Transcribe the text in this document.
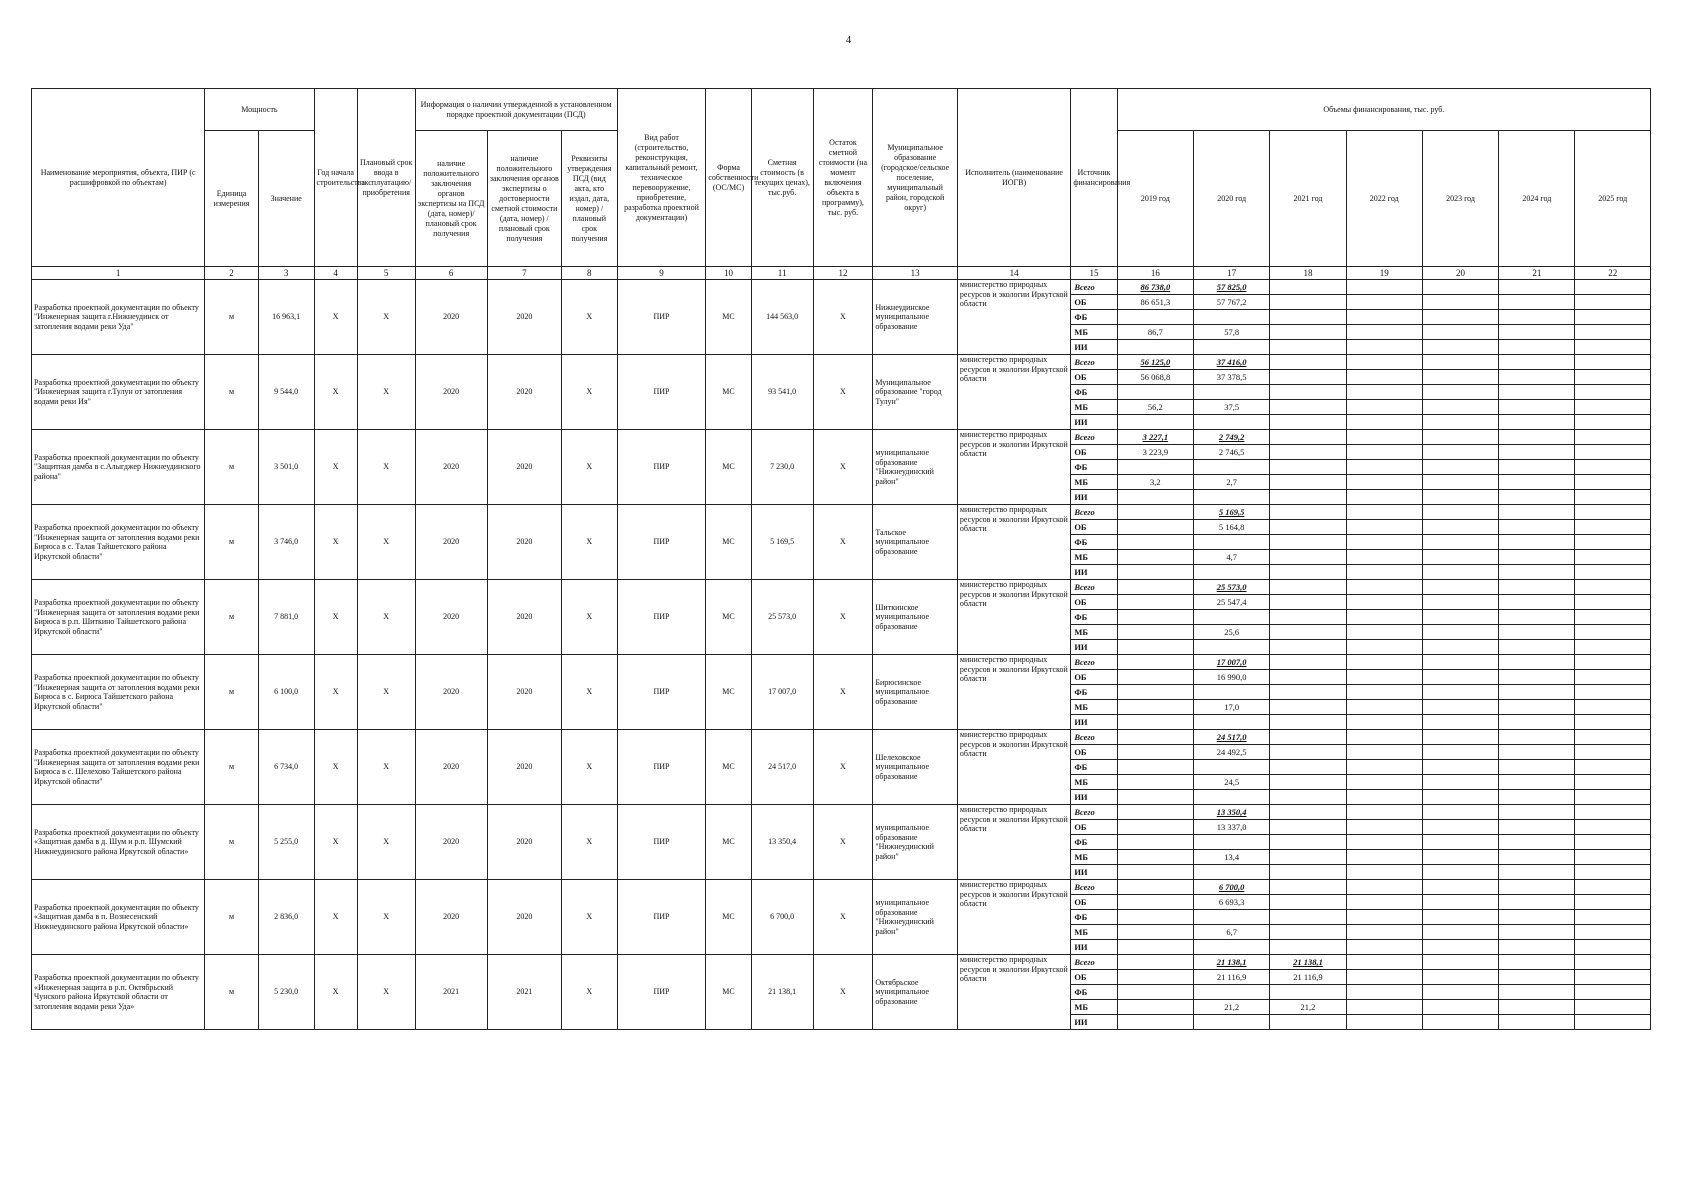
4
Наименование мероприятия, объекта, ПИР (с расшифровкой по объектам)	Мощность		Год начала строительства	Плановый срок ввода в эксплуатацию/приобретения	Информация о наличии утвержденной в установленном порядке проектной документации (ПСД)			Вид работ (строительство, реконструкция, капитальный ремонт, техническое перевооружение, приобретение, разработка проектной документации)	Форма собственности (ОС/МС)	Сметная стоимость (в текущих ценах), тыс.руб.	Остаток сметной стоимости (на момент включения объекта в программу), тыс. руб.	Муниципальное образование (городское/сельское поселение, муниципальный район, городской округ)	Исполнитель (наименование ИОГВ)	Источник финансирования	Объемы финансирования, тыс. руб.						
	Единица измерения	Значение			наличие положительного заключения органов экспертизы на ПСД (дата, номер)/плановый срок получения	наличие положительного заключения органов экспертизы о достоверности сметной стоимости (дата, номер) / плановый срок получения	Реквизиты утверждения ПСД (вид акта, кто издал, дата, номер) / плановый срок получения								2019 год	2020 год	2021 год	2022 год	2023 год	2024 год	2025 год
1	2	3	4	5	6	7	8	9	10	11	12	13	14	15	16	17	18	19	20	21	22
Разработка проектной документации по объекту "Инженерная защита г.Нижнеудинск от затопления водами реки Уда"	м	16 963,1	Х	Х	2020	2020	Х	ПИР	МС	144 563,0	Х	Нижнеудинское муниципальное образование	министерство природных ресурсов и экологии Иркутской области	Всего	86 738,0	57 825,0					
														ОБ	86 651,3	57 767,2					
														ФБ							
														МБ	86,7	57,8					
														ИИ							
Разработка проектной документации по объекту "Инженерная защита г.Тулун от затопления водами реки Ия"	м	9 544,0	Х	Х	2020	2020	Х	ПИР	МС	93 541,0	Х	Муниципальное образование "город Тулун"	министерство природных ресурсов и экологии Иркутской области	Всего	56 125,0	37 416,0					
														ОБ	56 068,8	37 378,5					
														ФБ							
														МБ	56,2	37,5					
														ИИ							
Разработка проектной документации по объекту "Защитная дамба в с.Алыгджер Нижнеудинского района"	м	3 501,0	Х	Х	2020	2020	Х	ПИР	МС	7 230,0	Х	муниципальное образование "Нижнеудинский район"	министерство природных ресурсов и экологии Иркутской области	Всего	3 227,1	2 749,2					
														ОБ	3 223,9	2 746,5					
														ФБ							
														МБ	3,2	2,7					
														ИИ							
Разработка проектной документации по объекту "Инженерная защита от затопления водами реки Бирюса в с. Талая Тайшетского района Иркутской области"	м	3 746,0	Х	Х	2020	2020	Х	ПИР	МС	5 169,5	Х	Тальское муниципальное образование	министерство природных ресурсов и экологии Иркутской области	Всего		5 169,5					
														ОБ		5 164,8					
														ФБ							
														МБ		4,7					
														ИИ							
Разработка проектной документации по объекту "Инженерная защита от затопления водами реки Бирюса в р.п. Шиткино Тайшетского района Иркутской области"	м	7 881,0	Х	Х	2020	2020	Х	ПИР	МС	25 573,0	Х	Шиткинское муниципальное образование	министерство природных ресурсов и экологии Иркутской области	Всего		25 573,0					
														ОБ		25 547,4					
														ФБ							
														МБ		25,6					
														ИИ							
Разработка проектной документации по объекту "Инженерная защита от затопления водами реки Бирюса в с. Бирюса Тайшетского района Иркутской области"	м	6 100,0	Х	Х	2020	2020	Х	ПИР	МС	17 007,0	Х	Бирюсинское муниципальное образование	министерство природных ресурсов и экологии Иркутской области	Всего		17 007,0					
														ОБ		16 990,0					
														ФБ							
														МБ		17,0					
														ИИ							
Разработка проектной документации по объекту "Инженерная защита от затопления водами реки Бирюса в с. Шелехово Тайшетского района Иркутской области"	м	6 734,0	Х	Х	2020	2020	Х	ПИР	МС	24 517,0	Х	Шелеховское муниципальное образование	министерство природных ресурсов и экологии Иркутской области	Всего		24 517,0					
														ОБ		24 492,5					
														ФБ							
														МБ		24,5					
														ИИ							
Разработка проектной документации по объекту «Защитная дамба в д. Шум и р.п. Шумский Нижнеудинского района Иркутской области»	м	5 255,0	Х	Х	2020	2020	Х	ПИР	МС	13 350,4	Х	муниципальное образование "Нижнеудинский район"	министерство природных ресурсов и экологии Иркутской области	Всего		13 350,4					
														ОБ		13 337,0					
														ФБ							
														МБ		13,4					
														ИИ							
Разработка проектной документации по объекту «Защитная дамба в п. Вознесенский Нижнеудинского района Иркутской области»	м	2 836,0	Х	Х	2020	2020	Х	ПИР	МС	6 700,0	Х	муниципальное образование "Нижнеудинский район"	министерство природных ресурсов и экологии Иркутской области	Всего		6 700,0					
														ОБ		6 693,3					
														ФБ							
														МБ		6,7					
														ИИ							
Разработка проектной документации по объекту «Инженерная защита в р.п. Октябрьский Чунского района Иркутской области от затопления водами реки Уда»	м	5 230,0	Х	Х	2021	2021	Х	ПИР	МС	21 138,1	Х	Октябрьское муниципальное образование	министерство природных ресурсов и экологии Иркутской области	Всего		21 138,1	21 138,1				
														ОБ		21 116,9	21 116,9				
														ФБ							
														МБ		21,2	21,2				
														ИИ							
